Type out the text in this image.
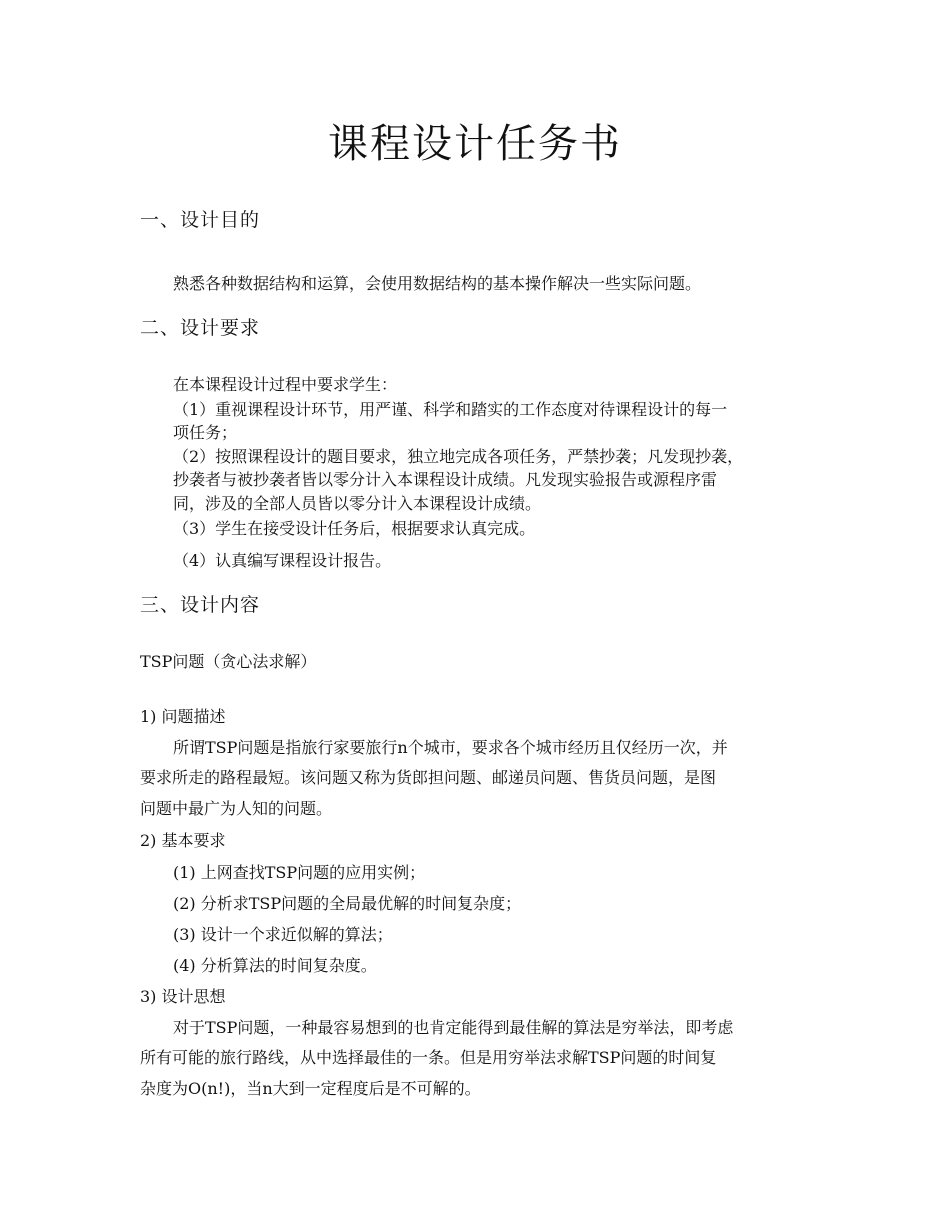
课程设计任务书
一、设计目的
熟悉各种数据结构和运算，会使用数据结构的基本操作解决一些实际问题。
二、设计要求
在本课程设计过程中要求学生：
（1）重视课程设计环节，用严谨、科学和踏实的工作态度对待课程设计的每一
项任务；
（2）按照课程设计的题目要求，独立地完成各项任务，严禁抄袭；凡发现抄袭，
抄袭者与被抄袭者皆以零分计入本课程设计成绩。凡发现实验报告或源程序雷
同，涉及的全部人员皆以零分计入本课程设计成绩。
（3）学生在接受设计任务后，根据要求认真完成。
（4）认真编写课程设计报告。
三、设计内容
TSP问题（贪心法求解）
1) 问题描述
所谓TSP问题是指旅行家要旅行n个城市，要求各个城市经历且仅经历一次，并
要求所走的路程最短。该问题又称为货郎担问题、邮递员问题、售货员问题，是图
问题中最广为人知的问题。
2) 基本要求
(1) 上网查找TSP问题的应用实例；
(2) 分析求TSP问题的全局最优解的时间复杂度；
(3) 设计一个求近似解的算法；
(4) 分析算法的时间复杂度。
3) 设计思想
对于TSP问题，一种最容易想到的也肯定能得到最佳解的算法是穷举法，即考虑
所有可能的旅行路线，从中选择最佳的一条。但是用穷举法求解TSP问题的时间复
杂度为O(n!)，当n大到一定程度后是不可解的。
